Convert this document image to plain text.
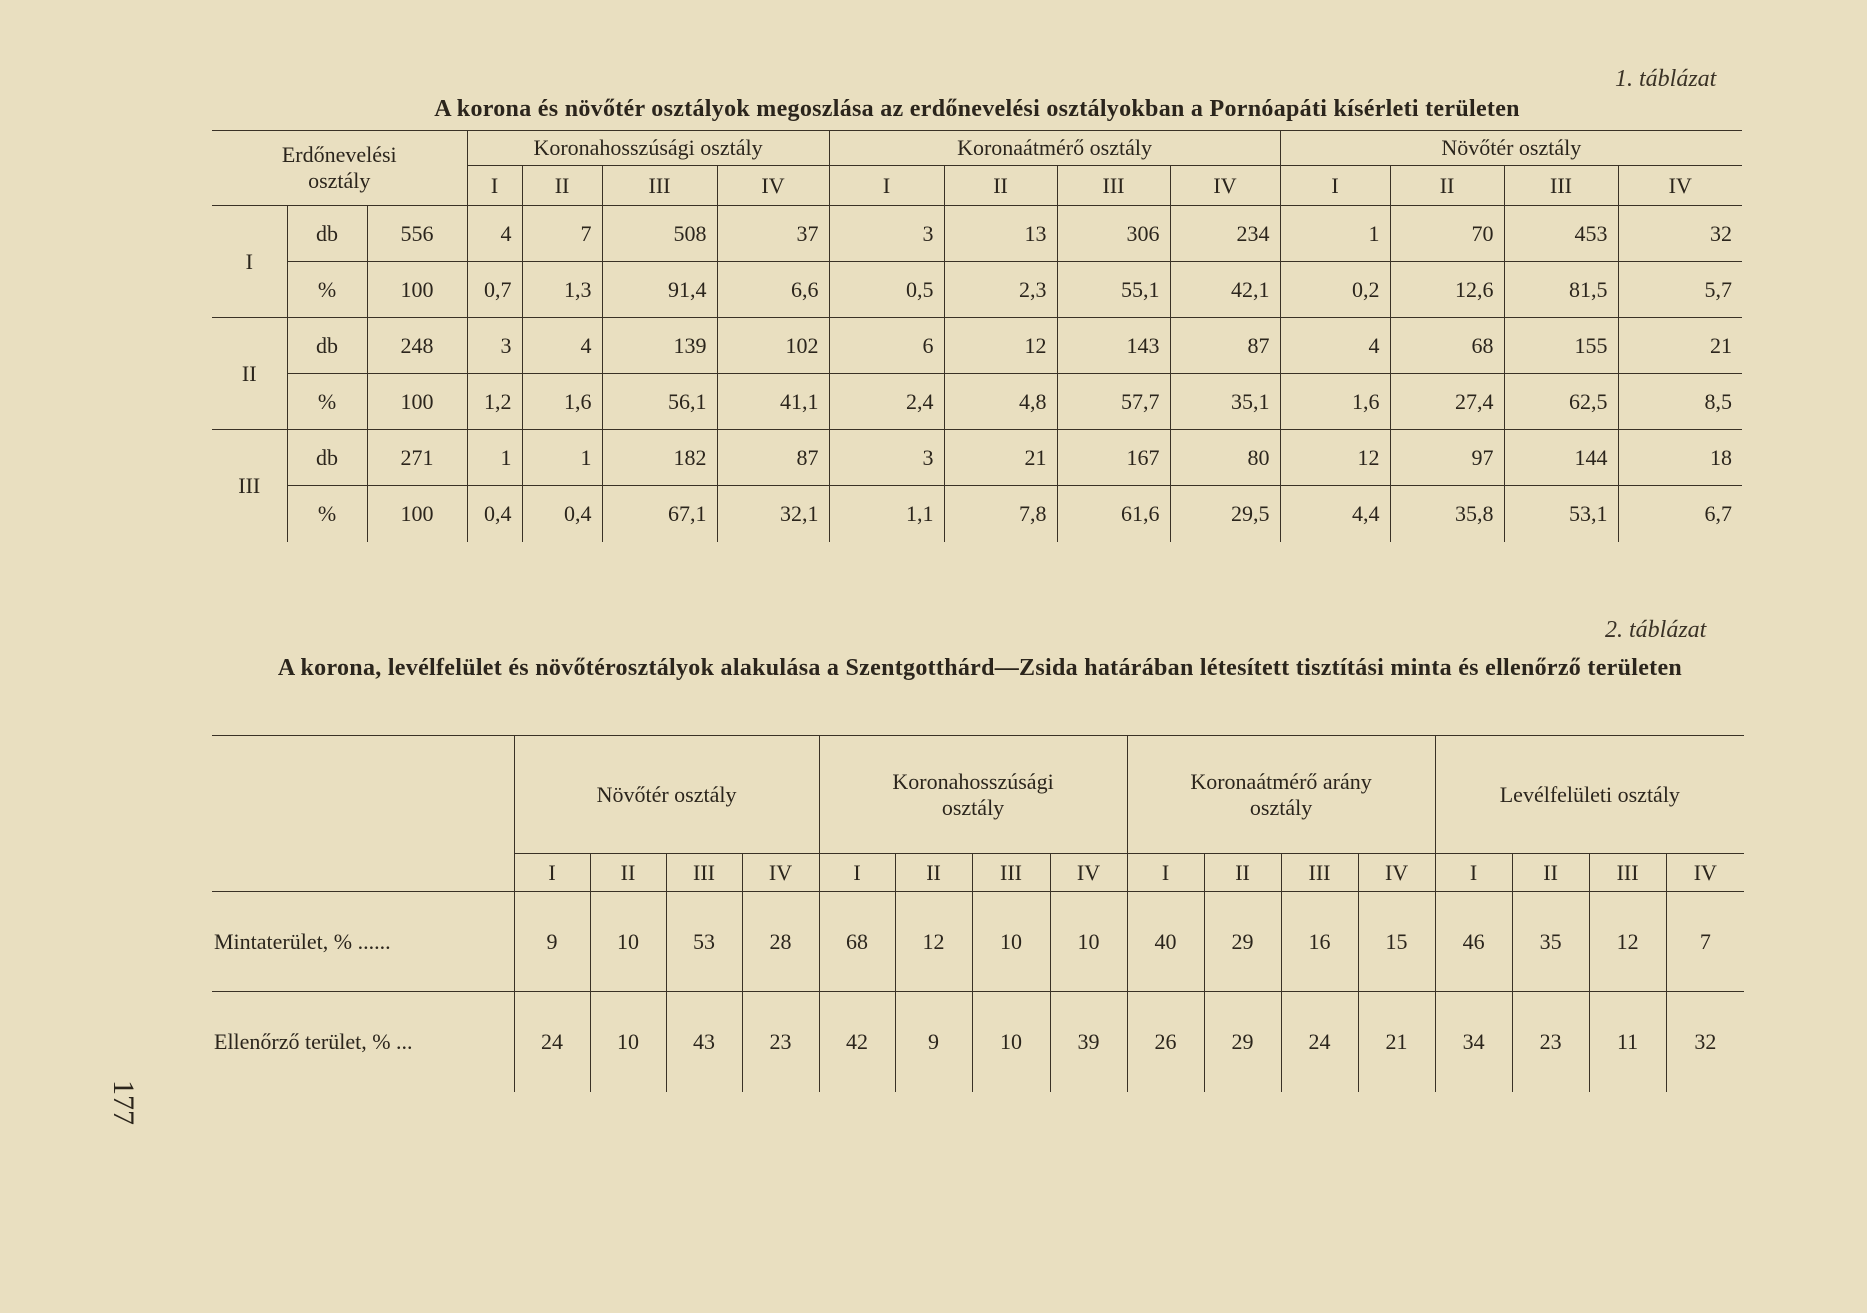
1. táblázat
A korona és növőtér osztályok megoszlása az erdőnevelési osztályokban a Pornóapáti kísérleti területen
Erdőnevelési osztály			Koronahosszúsági osztály				Koronaátmérő osztály				Növőtér osztály			
			I	II	III	IV	I	II	III	IV	I	II	III	IV
I	db	556	4	7	508	37	3	13	306	234	1	70	453	32
	%	100	0,7	1,3	91,4	6,6	0,5	2,3	55,1	42,1	0,2	12,6	81,5	5,7
II	db	248	3	4	139	102	6	12	143	87	4	68	155	21
	%	100	1,2	1,6	56,1	41,1	2,4	4,8	57,7	35,1	1,6	27,4	62,5	8,5
III	db	271	1	1	182	87	3	21	167	80	12	97	144	18
	%	100	0,4	0,4	67,1	32,1	1,1	7,8	61,6	29,5	4,4	35,8	53,1	6,7
2. táblázat
A korona, levélfelület és növőtérosztályok alakulása a Szentgotthárd—Zsida határában létesített tisztítási minta és ellenőrző területen
	Növőtér osztály				Koronahosszúsági osztály				Koronaátmérő arány osztály				Levélfelületi osztály			
	I	II	III	IV	I	II	III	IV	I	II	III	IV	I	II	III	IV
Mintaterület, % ......	9	10	53	28	68	12	10	10	40	29	16	15	46	35	12	7
Ellenőrző terület, % ...	24	10	43	23	42	9	10	39	26	29	24	21	34	23	11	32
177
